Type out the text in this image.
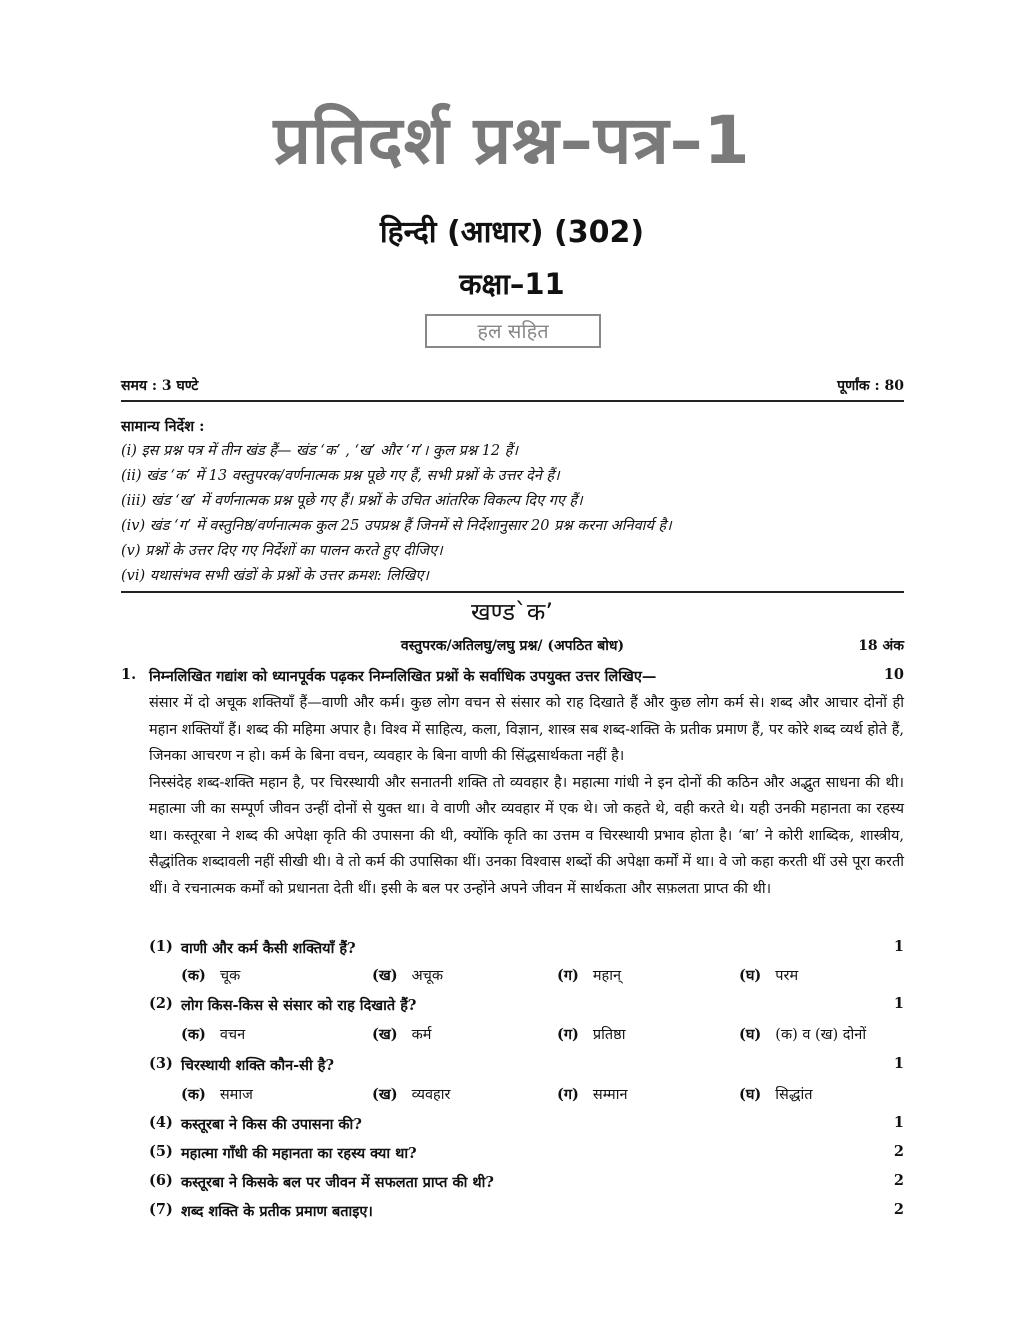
प्रतिदर्श प्रश्न–पत्र–1
हिन्दी (आधार) (302)
कक्षा–11
हल सहित
समय : 3 घण्टे	पूर्णांक : 80
सामान्य निर्देश :
(i) इस प्रश्न पत्र में तीन खंड हैं— खंड ‘क’ , ‘ख’ और ‘ग’। कुल प्रश्न 12 हैं।
(ii) खंड ‘क’ में 13 वस्तुपरक/वर्णनात्मक प्रश्न पूछे गए हैं, सभी प्रश्नों के उत्तर देने हैं।
(iii) खंड ‘ख’ में वर्णनात्मक प्रश्न पूछे गए हैं। प्रश्नों के उचित आंतरिक विकल्प दिए गए हैं।
(iv) खंड ‘ग’ में वस्तुनिष्ठ/वर्णनात्मक कुल 25 उपप्रश्न हैं जिनमें से निर्देशानुसार 20 प्रश्न करना अनिवार्य है।
(v) प्रश्नों के उत्तर दिए गए निर्देशों का पालन करते हुए दीजिए।
(vi) यथासंभव सभी खंडों के प्रश्नों के उत्तर क्रमश: लिखिए।
खण्ड`क’
वस्तुपरक/अतिलघु/लघु प्रश्न/ (अपठित बोध)	18 अंक
1. निम्नलिखित गद्यांश को ध्यानपूर्वक पढ़कर निम्नलिखित प्रश्नों के सर्वाधिक उपयुक्त उत्तर लिखिए—	10

संसार में दो अचूक शक्तियाँ हैं—वाणी और कर्म। कुछ लोग वचन से संसार को राह दिखाते हैं और कुछ लोग कर्म से। शब्द और आचार दोनों ही महान शक्तियाँ हैं। शब्द की महिमा अपार है। विश्व में साहित्य, कला, विज्ञान, शास्त्र सब शब्द-शक्ति के प्रतीक प्रमाण हैं, पर कोरे शब्द व्यर्थ होते हैं, जिनका आचरण न हो। कर्म के बिना वचन, व्यवहार के बिना वाणी की सिंद्धसार्थकता नहीं है।

निस्संदेह शब्द-शक्ति महान है, पर चिरस्थायी और सनातनी शक्ति तो व्यवहार है। महात्मा गांधी ने इन दोनों की कठिन और अद्भुत साधना की थी। महात्मा जी का सम्पूर्ण जीवन उन्हीं दोनों से युक्त था। वे वाणी और व्यवहार में एक थे। जो कहते थे, वही करते थे। यही उनकी महानता का रहस्य था। कस्तूरबा ने शब्द की अपेक्षा कृति की उपासना की थी, क्योंकि कृति का उत्तम व चिरस्थायी प्रभाव होता है। ‘बा’ ने कोरी शाब्दिक, शास्त्रीय, सैद्धांतिक शब्दावली नहीं सीखी थी। वे तो कर्म की उपासिका थीं। उनका विश्वास शब्दों की अपेक्षा कर्मों में था। वे जो कहा करती थीं उसे पूरा करती थीं। वे रचनात्मक कर्मों को प्रधानता देती थीं। इसी के बल पर उन्होंने अपने जीवन में सार्थकता और सफ़लता प्राप्त की थी।

(1) वाणी और कर्म कैसी शक्तियाँ हैं?	1
(क) चूक	(ख) अचूक	(ग) महान्	(घ) परम
(2) लोग किस-किस से संसार को राह दिखाते हैं?	1
(क) वचन	(ख) कर्म	(ग) प्रतिष्ठा	(घ) (क) व (ख) दोनों
(3) चिरस्थायी शक्ति कौन-सी है?	1
(क) समाज	(ख) व्यवहार	(ग) सम्मान	(घ) सिद्धांत
(4) कस्तूरबा ने किस की उपासना की?	1
(5) महात्मा गाँधी की महानता का रहस्य क्या था?	2
(6) कस्तूरबा ने किसके बल पर जीवन में सफलता प्राप्त की थी?	2
(7) शब्द शक्ति के प्रतीक प्रमाण बताइए।	2
